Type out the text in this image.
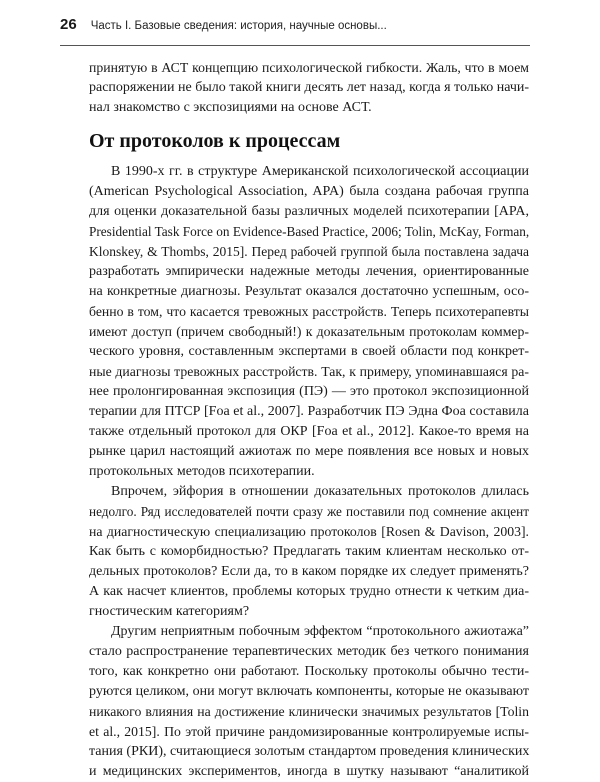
26 Часть I. Базовые сведения: история, научные основы...
принятую в АСТ концепцию психологической гибкости. Жаль, что в моем
распоряжении не было такой книги десять лет назад, когда я только начи-
нал знакомство с экспозициями на основе АСТ.
От протоколов к процессам

В 1990-х гг. в структуре Американской психологической ассоциации
(American Psychological Association, APA) была создана рабочая группа
для оценки доказательной базы различных моделей психотерапии [APA,
Presidential Task Force on Evidence-Based Practice, 2006; Tolin, McKay, Forman,
Klonskey, & Thombs, 2015]. Перед рабочей группой была поставлена задача
разработать эмпирически надежные методы лечения, ориентированные
на конкретные диагнозы. Результат оказался достаточно успешным, осо-
бенно в том, что касается тревожных расстройств. Теперь психотерапевты
имеют доступ (причем свободный!) к доказательным протоколам коммер-
ческого уровня, составленным экспертами в своей области под конкрет-
ные диагнозы тревожных расстройств. Так, к примеру, упоминавшаяся ра-
нее пролонгированная экспозиция (ПЭ) — это протокол экспозиционной
терапии для ПТСР [Foa et al., 2007]. Разработчик ПЭ Эдна Фоа составила
также отдельный протокол для ОКР [Foa et al., 2012]. Какое-то время на
рынке царил настоящий ажиотаж по мере появления все новых и новых
протокольных методов психотерапии.

Впрочем, эйфория в отношении доказательных протоколов длилась
недолго. Ряд исследователей почти сразу же поставили под сомнение акцент
на диагностическую специализацию протоколов [Rosen & Davison, 2003].
Как быть с коморбидностью? Предлагать таким клиентам несколько от-
дельных протоколов? Если да, то в каком порядке их следует применять?
А как насчет клиентов, проблемы которых трудно отнести к четким диа-
гностическим категориям?

Другим неприятным побочным эффектом “протокольного ажиотажа”
стало распространение терапевтических методик без четкого понимания
того, как конкретно они работают. Поскольку протоколы обычно тести-
руются целиком, они могут включать компоненты, которые не оказывают
никакого влияния на достижение клинически значимых результатов [Tolin
et al., 2015]. По этой причине рандомизированные контролируемые испы-
тания (РКИ), считающиеся золотым стандартом проведения клинических
и медицинских экспериментов, иногда в шутку называют “аналитикой
